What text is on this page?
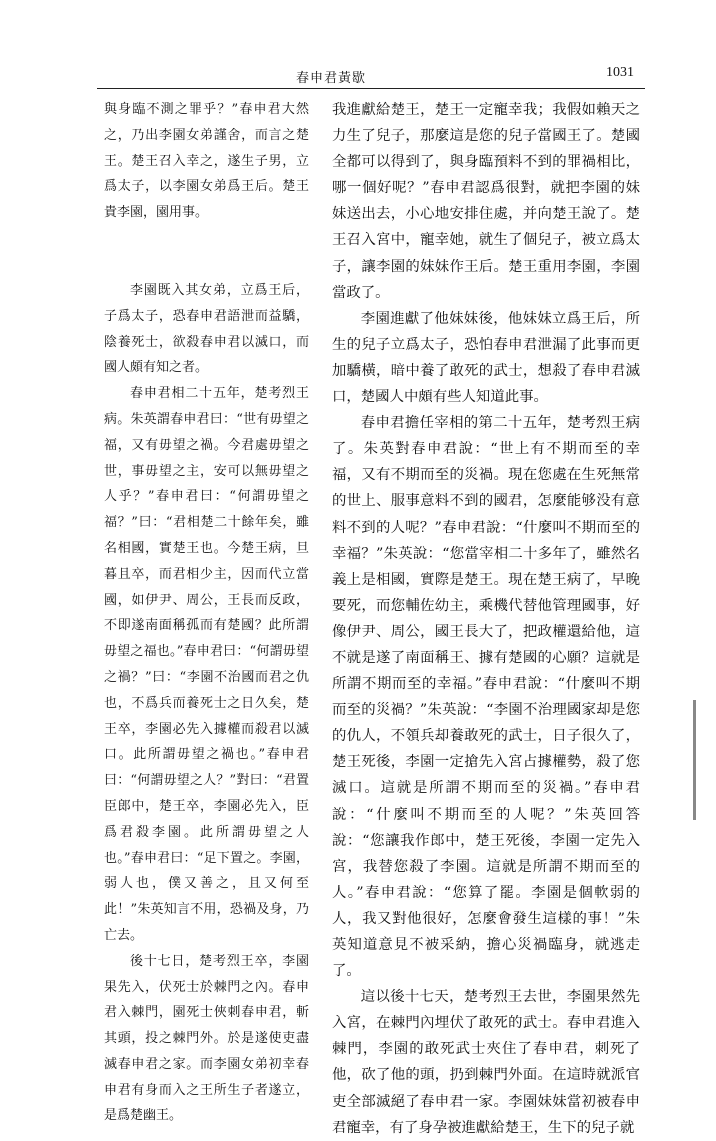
春申君黃歇	1031

與身臨不測之罪乎？”春申君大然之，乃出李園女弟謹舍，而言之楚王。楚王召入幸之，遂生子男，立爲太子，以李園女弟爲王后。楚王貴李園，園用事。

李園既入其女弟，立爲王后，子爲太子，恐春申君語泄而益驕，陰養死士，欲殺春申君以滅口，而國人頗有知之者。

春申君相二十五年，楚考烈王病。朱英謂春申君曰：“世有毋望之福，又有毋望之禍。今君處毋望之世，事毋望之主，安可以無毋望之人乎？”春申君曰：“何謂毋望之福？”曰：“君相楚二十餘年矣，雖名相國，實楚王也。今楚王病，旦暮且卒，而君相少主，因而代立當國，如伊尹、周公，王長而反政，不即遂南面稱孤而有楚國？此所謂毋望之福也。”春申君曰：“何謂毋望之禍？”曰：“李園不治國而君之仇也，不爲兵而養死士之日久矣，楚王卒，李園必先入據權而殺君以滅口。此所謂毋望之禍也。”春申君曰：“何謂毋望之人？”對曰：“君置臣郎中，楚王卒，李園必先入，臣爲君殺李園。此所謂毋望之人也。”春申君曰：“足下置之。李園，弱人也，僕又善之，且又何至此！”朱英知言不用，恐禍及身，乃亡去。

後十七日，楚考烈王卒，李園果先入，伏死士於棘門之內。春申君入棘門，園死士俠刺春申君，斬其頭，投之棘門外。於是遂使吏盡滅春申君之家。而李園女弟初幸春申君有身而入之王所生子者遂立，是爲楚幽王。

我進獻給楚王，楚王一定寵幸我；我假如賴天之力生了兒子，那麼這是您的兒子當國王了。楚國全都可以得到了，與身臨預料不到的罪禍相比，哪一個好呢？”春申君認爲很對，就把李園的妹妹送出去，小心地安排住處，并向楚王說了。楚王召入宮中，寵幸她，就生了個兒子，被立爲太子，讓李園的妹妹作王后。楚王重用李園，李園當政了。

李園進獻了他妹妹後，他妹妹立爲王后，所生的兒子立爲太子，恐怕春申君泄漏了此事而更加驕橫，暗中養了敢死的武士，想殺了春申君滅口，楚國人中頗有些人知道此事。

春申君擔任宰相的第二十五年，楚考烈王病了。朱英對春申君說：“世上有不期而至的幸福，又有不期而至的災禍。現在您處在生死無常的世上、服事意料不到的國君，怎麼能够没有意料不到的人呢？”春申君說：“什麼叫不期而至的幸福？”朱英說：“您當宰相二十多年了，雖然名義上是相國，實際是楚王。現在楚王病了，早晚要死，而您輔佐幼主，乘機代替他管理國事，好像伊尹、周公，國王長大了，把政權還給他，這不就是遂了南面稱王、據有楚國的心願？這就是所謂不期而至的幸福。”春申君說：“什麼叫不期而至的災禍？”朱英說：“李園不治理國家却是您的仇人，不領兵却養敢死的武士，日子很久了，楚王死後，李園一定搶先入宮占據權勢，殺了您滅口。這就是所謂不期而至的災禍。”春申君說：“什麼叫不期而至的人呢？”朱英回答說：“您讓我作郎中，楚王死後，李園一定先入宮，我替您殺了李園。這就是所謂不期而至的人。”春申君說：“您算了罷。李園是個軟弱的人，我又對他很好，怎麼會發生這樣的事！”朱英知道意見不被采納，擔心災禍臨身，就逃走了。

這以後十七天，楚考烈王去世，李園果然先入宮，在棘門內埋伏了敢死的武士。春申君進入棘門，李園的敢死武士夾住了春申君，刺死了他，砍了他的頭，扔到棘門外面。在這時就派官吏全部滅絕了春申君一家。李園妹妹當初被春申君寵幸，有了身孕被進獻給楚王，生下的兒子就
